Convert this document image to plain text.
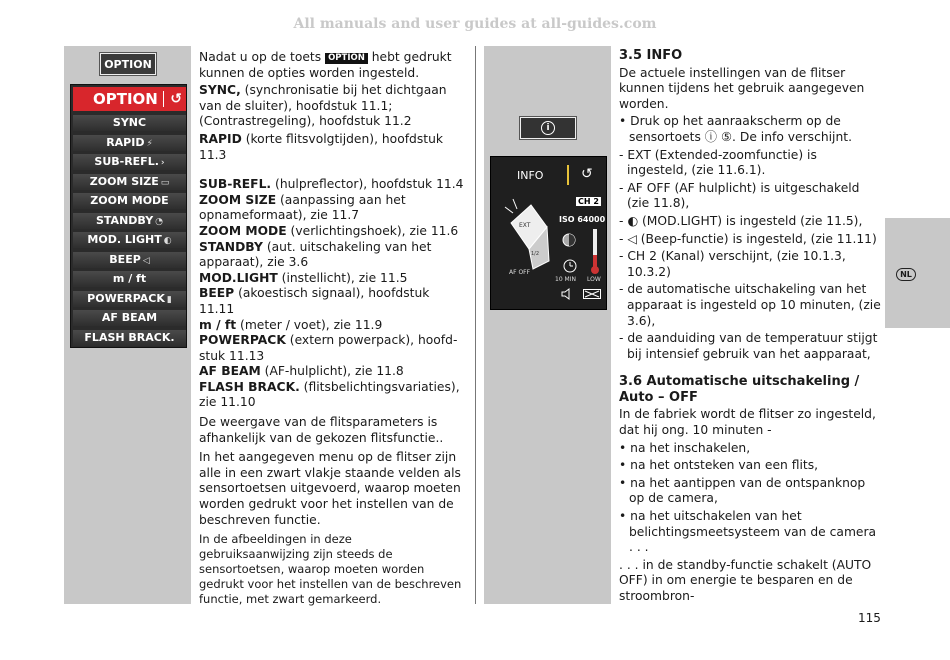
All manuals and user guides at all-guides.com
OPTION
OPTION ↺
SYNC
RAPID ⚡
SUB-REFL. ›
ZOOM SIZE ▭
ZOOM MODE
STANDBY ◔
MOD. LIGHT ◐
BEEP ◁
m / ft
POWERPACK ▮
AF BEAM
FLASH BRACK.

Nadat u op de toets OPTION hebt gedrukt kunnen de opties worden ingesteld.

SYNC, (synchronisatie bij het dichtgaan van de sluiter), hoofdstuk 11.1; (Contrastregeling), hoofdstuk 11.2

RAPID (korte flitsvolgtijden), hoofdstuk 11.3

SUB-REFL. (hulpreflector), hoofdstuk 11.4

ZOOM SIZE (aanpassing aan het opnameformaat), zie 11.7

ZOOM MODE (verlichtingshoek), zie 11.6

STANDBY (aut. uitschakeling van het apparaat), zie 3.6

MOD.LIGHT (instellicht), zie 11.5

BEEP (akoestisch signaal), hoofdstuk 11.11

m / ft (meter / voet), zie 11.9

POWERPACK (extern powerpack), hoofd-stuk 11.13

AF BEAM (AF-hulplicht), zie 11.8

FLASH BRACK. (flitsbelichtingsvariaties), zie 11.10

De weergave van de flitsparameters is afhankelijk van de gekozen flitsfunctie..

In het aangegeven menu op de flitser zijn alle in een zwart vlakje staande velden als sensortoetsen uitgevoerd, waarop moeten worden gedrukt voor het instellen van de beschreven functie.

In de afbeeldingen in deze gebruiksaanwijzing zijn steeds de sensortoetsen, waarop moeten worden gedrukt voor het instellen van de beschreven functie, met zwart gemarkeerd.

i
INFO	↺
CH 2
ISO 64000
EXT
1/2
AF OFF
10 MIN LOW
3.5 INFO

De actuele instellingen van de flitser kunnen tijdens het gebruik aangegeven worden.

• Druk op het aanraakscherm op de sensortoets ⓘ ⑤. De info verschijnt.

- EXT (Extended-zoomfunctie) is ingesteld, (zie 11.6.1).

- AF OFF (AF hulplicht) is uitgeschakeld (zie 11.8),

- ◐ (MOD.LIGHT) is ingesteld (zie 11.5),

- ◁ (Beep-functie) is ingesteld, (zie 11.11)

- CH 2 (Kanal) verschijnt, (zie 10.1.3, 10.3.2)

- de automatische uitschakeling van het apparaat is ingesteld op 10 minuten, (zie 3.6),

- de aanduiding van de temperatuur stijgt bij intensief gebruik van het aapparaat,

3.6 Automatische uitschakeling / Auto – OFF

In de fabriek wordt de flitser zo ingesteld, dat hij ong. 10 minuten -

• na het inschakelen,

• na het ontsteken van een flits,

• na het aantippen van de ontspanknop op de camera,

• na het uitschakelen van het belichtingsmeetsysteem van de camera . . .

. . . in de standby-functie schakelt (AUTO OFF) in om energie te besparen en de stroombron-

NL
115
